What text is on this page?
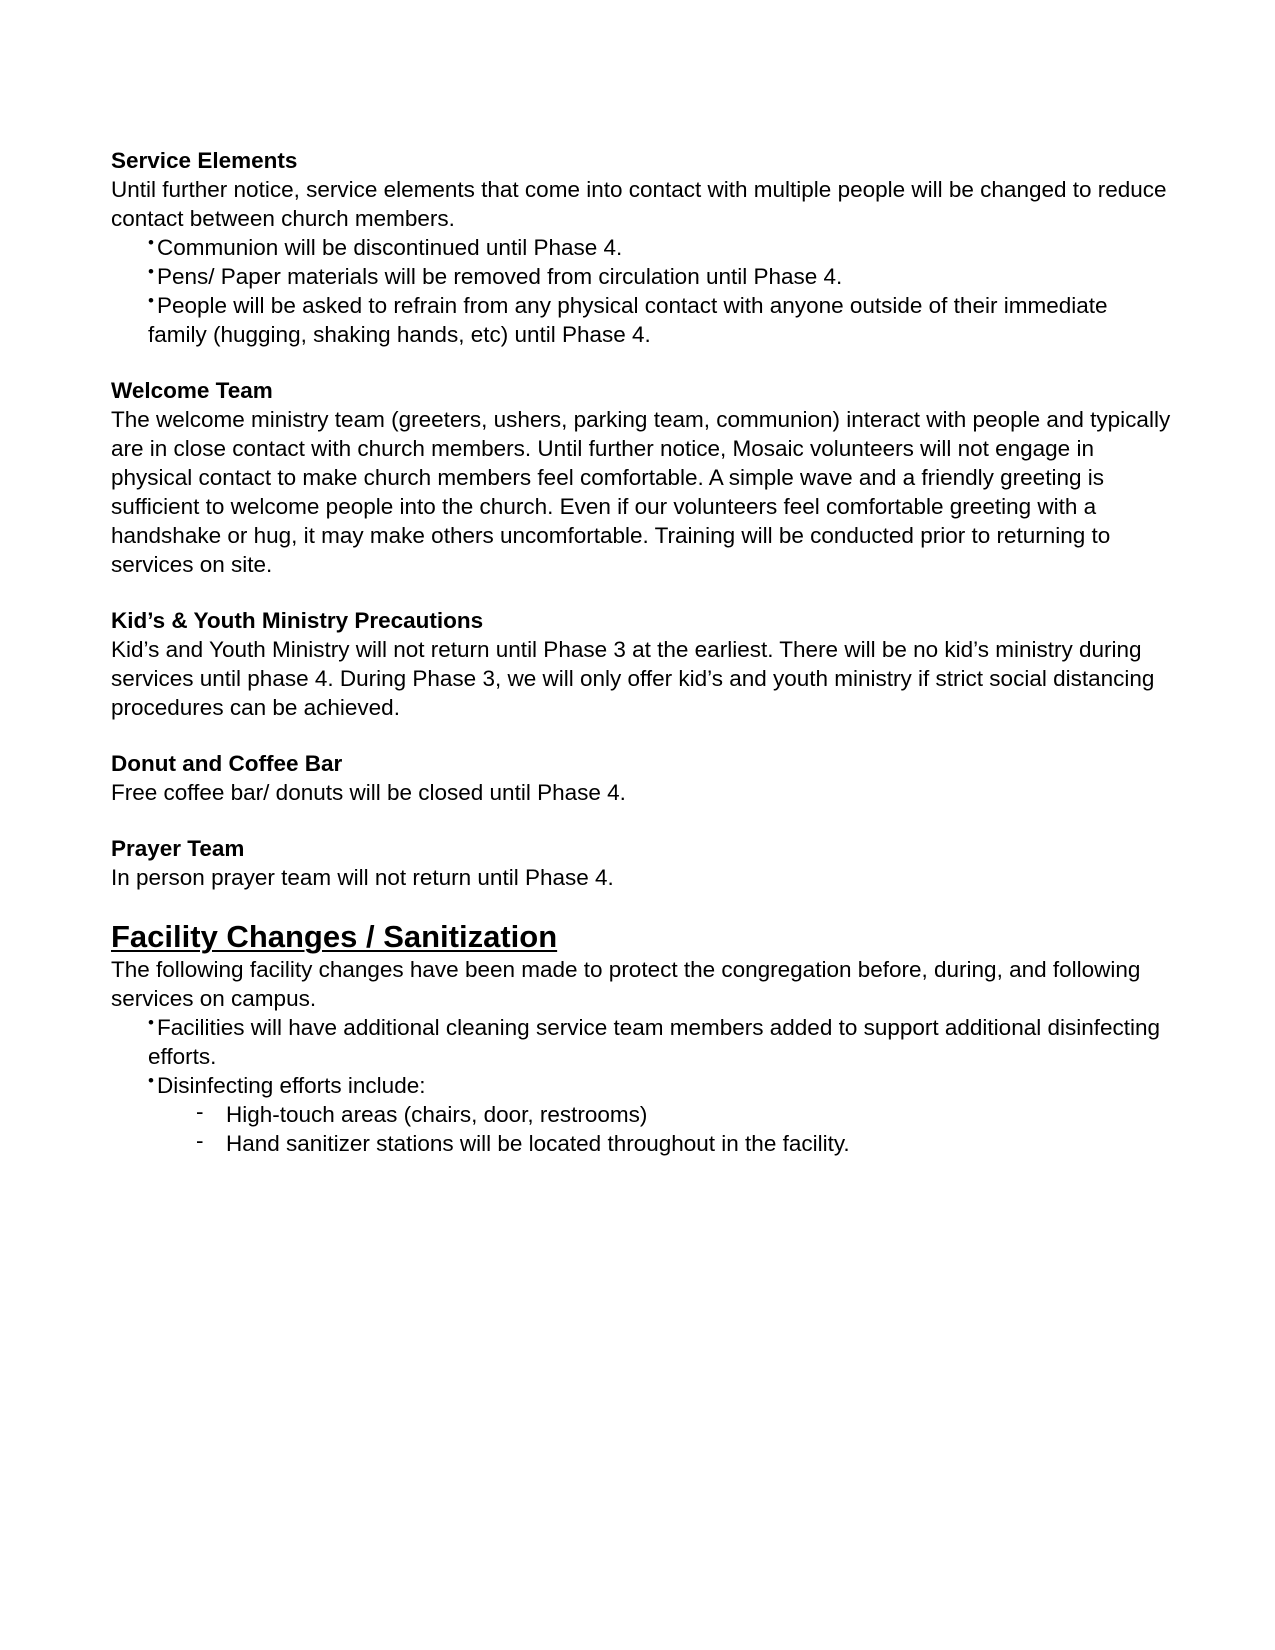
Service Elements
Until further notice, service elements that come into contact with multiple people will be changed to reduce contact between church members.
• Communion will be discontinued until Phase 4.
• Pens/ Paper materials will be removed from circulation until Phase 4.
• People will be asked to refrain from any physical contact with anyone outside of their immediate family (hugging, shaking hands, etc) until Phase 4.
Welcome Team
The welcome ministry team (greeters, ushers, parking team, communion) interact with people and typically are in close contact with church members. Until further notice, Mosaic volunteers will not engage in physical contact to make church members feel comfortable. A simple wave and a friendly greeting is sufficient to welcome people into the church. Even if our volunteers feel comfortable greeting with a handshake or hug, it may make others uncomfortable. Training will be conducted prior to returning to services on site.
Kid’s & Youth Ministry Precautions
Kid’s and Youth Ministry will not return until Phase 3 at the earliest. There will be no kid’s ministry during services until phase 4. During Phase 3, we will only offer kid’s and youth ministry if strict social distancing procedures can be achieved.
Donut and Coffee Bar
Free coffee bar/ donuts will be closed until Phase 4.
Prayer Team
In person prayer team will not return until Phase 4.
Facility Changes / Sanitization
The following facility changes have been made to protect the congregation before, during, and following services on campus.
• Facilities will have additional cleaning service team members added to support additional disinfecting efforts.
• Disinfecting efforts include:
- High-touch areas (chairs, door, restrooms)
- Hand sanitizer stations will be located throughout in the facility.
